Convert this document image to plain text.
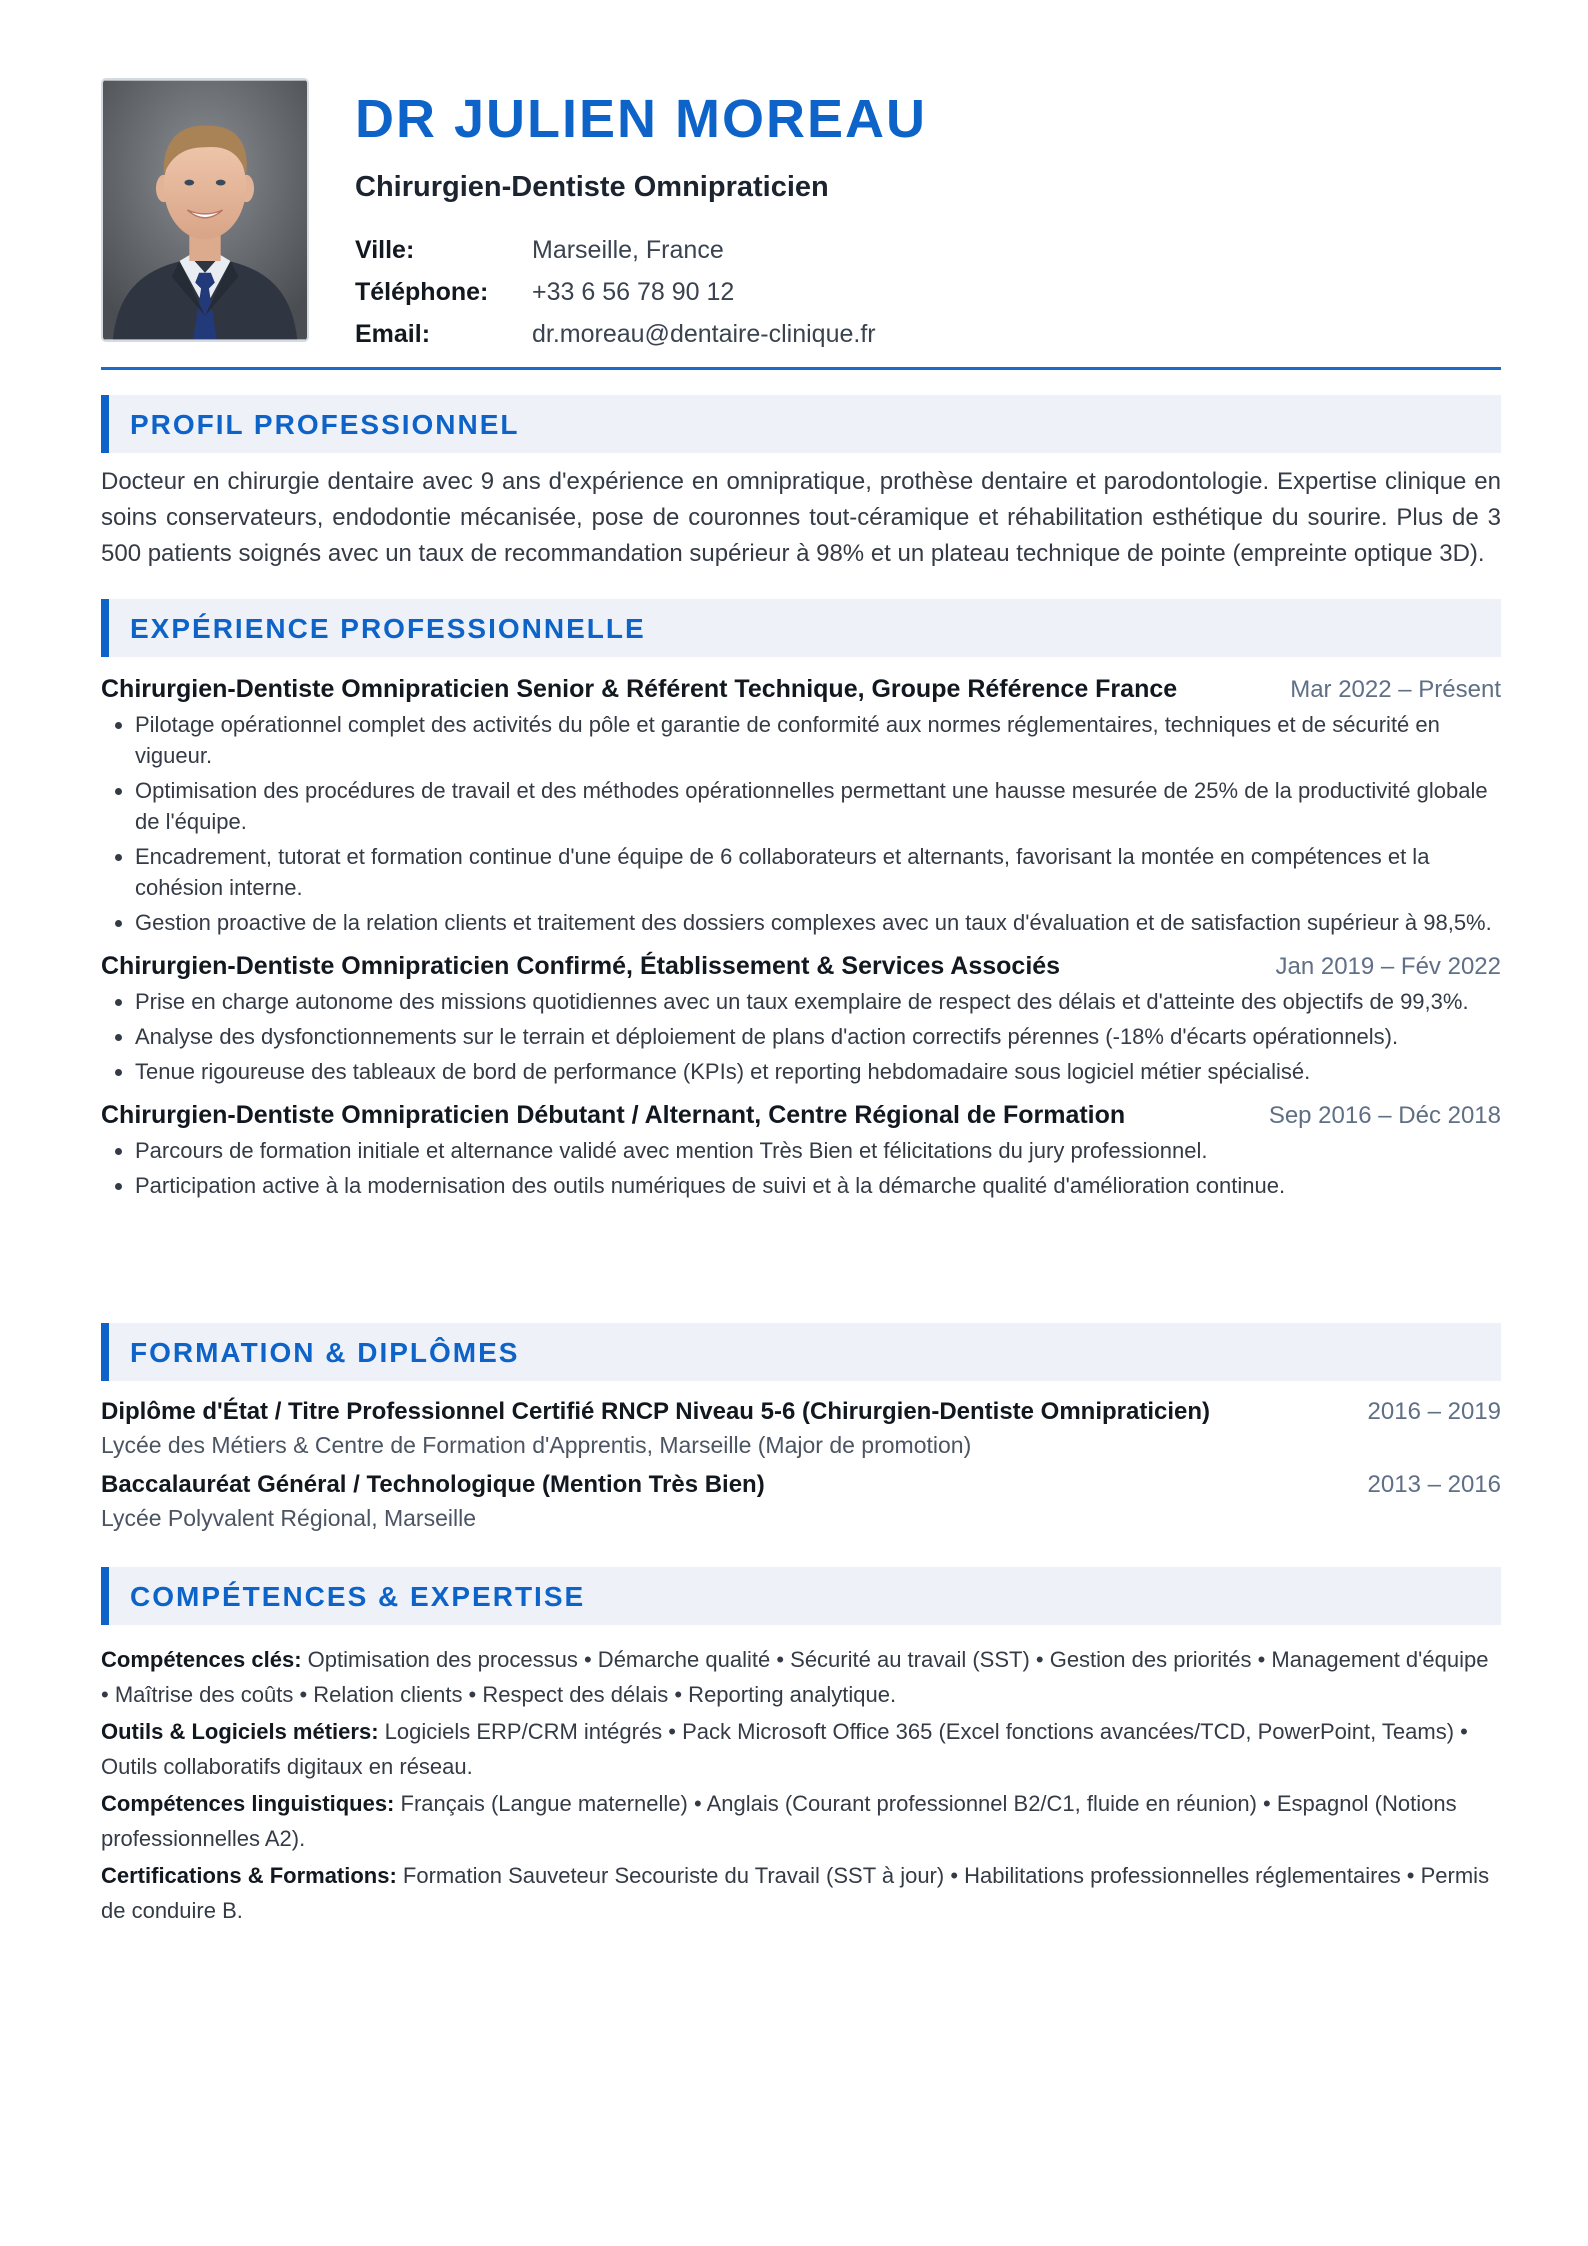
DR JULIEN MOREAU
Chirurgien-Dentiste Omnipraticien
Ville:	Marseille, France
Téléphone:	+33 6 56 78 90 12
Email:	dr.moreau@dentaire-clinique.fr
PROFIL PROFESSIONNEL
Docteur en chirurgie dentaire avec 9 ans d'expérience en omnipratique, prothèse dentaire et parodontologie. Expertise clinique en soins conservateurs, endodontie mécanisée, pose de couronnes tout-céramique et réhabilitation esthétique du sourire. Plus de 3 500 patients soignés avec un taux de recommandation supérieur à 98% et un plateau technique de pointe (empreinte optique 3D).
EXPÉRIENCE PROFESSIONNELLE
Chirurgien-Dentiste Omnipraticien Senior & Référent Technique, Groupe Référence France	Mar 2022 – Présent
• Pilotage opérationnel complet des activités du pôle et garantie de conformité aux normes réglementaires, techniques et de sécurité en vigueur.
• Optimisation des procédures de travail et des méthodes opérationnelles permettant une hausse mesurée de 25% de la productivité globale de l'équipe.
• Encadrement, tutorat et formation continue d'une équipe de 6 collaborateurs et alternants, favorisant la montée en compétences et la cohésion interne.
• Gestion proactive de la relation clients et traitement des dossiers complexes avec un taux d'évaluation et de satisfaction supérieur à 98,5%.
Chirurgien-Dentiste Omnipraticien Confirmé, Établissement & Services Associés	Jan 2019 – Fév 2022
• Prise en charge autonome des missions quotidiennes avec un taux exemplaire de respect des délais et d'atteinte des objectifs de 99,3%.
• Analyse des dysfonctionnements sur le terrain et déploiement de plans d'action correctifs pérennes (-18% d'écarts opérationnels).
• Tenue rigoureuse des tableaux de bord de performance (KPIs) et reporting hebdomadaire sous logiciel métier spécialisé.
Chirurgien-Dentiste Omnipraticien Débutant / Alternant, Centre Régional de Formation	Sep 2016 – Déc 2018
• Parcours de formation initiale et alternance validé avec mention Très Bien et félicitations du jury professionnel.
• Participation active à la modernisation des outils numériques de suivi et à la démarche qualité d'amélioration continue.
FORMATION & DIPLÔMES
Diplôme d'État / Titre Professionnel Certifié RNCP Niveau 5-6 (Chirurgien-Dentiste Omnipraticien)	2016 – 2019
Lycée des Métiers & Centre de Formation d'Apprentis, Marseille (Major de promotion)
Baccalauréat Général / Technologique (Mention Très Bien)	2013 – 2016
Lycée Polyvalent Régional, Marseille
COMPÉTENCES & EXPERTISE
Compétences clés: Optimisation des processus • Démarche qualité • Sécurité au travail (SST) • Gestion des priorités • Management d'équipe • Maîtrise des coûts • Relation clients • Respect des délais • Reporting analytique.
Outils & Logiciels métiers: Logiciels ERP/CRM intégrés • Pack Microsoft Office 365 (Excel fonctions avancées/TCD, PowerPoint, Teams) • Outils collaboratifs digitaux en réseau.
Compétences linguistiques: Français (Langue maternelle) • Anglais (Courant professionnel B2/C1, fluide en réunion) • Espagnol (Notions professionnelles A2).
Certifications & Formations: Formation Sauveteur Secouriste du Travail (SST à jour) • Habilitations professionnelles réglementaires • Permis de conduire B.
